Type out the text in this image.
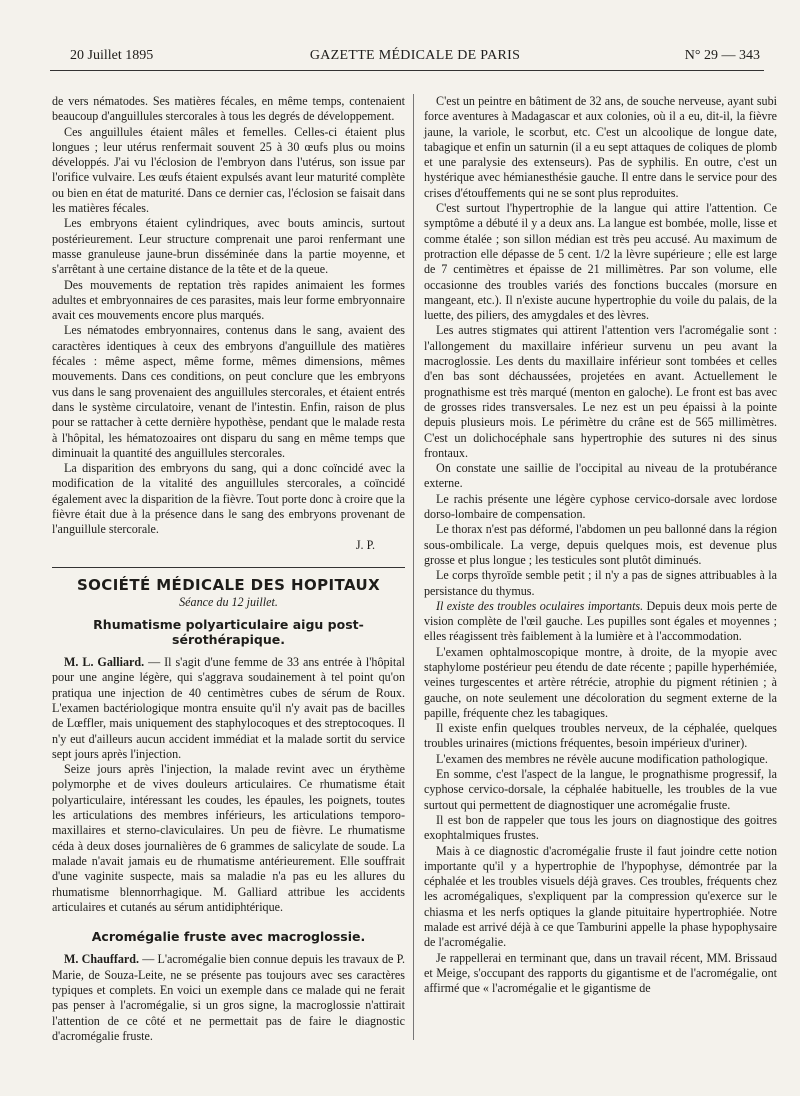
20 Juillet 1895	GAZETTE MÉDICALE DE PARIS	N° 29 — 343

de vers nématodes. Ses matières fécales, en même temps, contenaient beaucoup d'anguillules stercorales à tous les degrés de développement.

Ces anguillules étaient mâles et femelles. Celles-ci étaient plus longues ; leur utérus renfermait souvent 25 à 30 œufs plus ou moins développés. J'ai vu l'éclosion de l'embryon dans l'utérus, son issue par l'orifice vulvaire. Les œufs étaient expulsés avant leur maturité complète ou bien en état de maturité. Dans ce dernier cas, l'éclosion se faisait dans les matières fécales.

Les embryons étaient cylindriques, avec bouts amincis, surtout postérieurement. Leur structure comprenait une paroi renfermant une masse granuleuse jaune-brun disséminée dans la partie moyenne, et s'arrêtant à une certaine distance de la tête et de la queue.

Des mouvements de reptation très rapides animaient les formes adultes et embryonnaires de ces parasites, mais leur forme embryonnaire avait ces mouvements encore plus marqués.

Les nématodes embryonnaires, contenus dans le sang, avaient des caractères identiques à ceux des embryons d'anguillule des matières fécales : même aspect, même forme, mêmes dimensions, mêmes mouvements. Dans ces conditions, on peut conclure que les embryons vus dans le sang provenaient des anguillules stercorales, et étaient entrés dans le système circulatoire, venant de l'intestin. Enfin, raison de plus pour se rattacher à cette dernière hypothèse, pendant que le malade resta à l'hôpital, les hématozoaires ont disparu du sang en même temps que diminuait la quantité des anguillules stercorales.

La disparition des embryons du sang, qui a donc coïncidé avec la modification de la vitalité des anguillules stercorales, a coïncidé également avec la disparition de la fièvre. Tout porte donc à croire que la fièvre était due à la présence dans le sang des embryons provenant de l'anguillule stercorale.

J. P.

SOCIÉTÉ MÉDICALE DES HOPITAUX
Séance du 12 juillet.
Rhumatisme polyarticulaire aigu post-sérothérapique.

M. L. Galliard. — Il s'agit d'une femme de 33 ans entrée à l'hôpital pour une angine légère, qui s'aggrava soudainement à tel point qu'on pratiqua une injection de 40 centimètres cubes de sérum de Roux. L'examen bactériologique montra ensuite qu'il n'y avait pas de bacilles de Lœffler, mais uniquement des staphylocoques et des streptocoques. Il n'y eut d'ailleurs aucun accident immédiat et la malade sortit du service sept jours après l'injection.

Seize jours après l'injection, la malade revint avec un érythème polymorphe et de vives douleurs articulaires. Ce rhumatisme était polyarticulaire, intéressant les coudes, les épaules, les poignets, toutes les articulations des membres inférieurs, les articulations temporo-maxillaires et sterno-claviculaires. Un peu de fièvre. Le rhumatisme céda à deux doses journalières de 6 grammes de salicylate de soude. La malade n'avait jamais eu de rhumatisme antérieurement. Elle souffrait d'une vaginite suspecte, mais sa maladie n'a pas eu les allures du rhumatisme blennorrhagique. M. Galliard attribue les accidents articulaires et cutanés au sérum antidiphtérique.

Acromégalie fruste avec macroglossie.

M. Chauffard. — L'acromégalie bien connue depuis les travaux de P. Marie, de Souza-Leite, ne se présente pas toujours avec ses caractères typiques et complets. En voici un exemple dans ce malade qui ne ferait pas penser à l'acromégalie, si un gros signe, la macroglossie n'attirait l'attention de ce côté et ne permettait pas de faire le diagnostic d'acromégalie fruste.

C'est un peintre en bâtiment de 32 ans, de souche nerveuse, ayant subi force aventures à Madagascar et aux colonies, où il a eu, dit-il, la fièvre jaune, la variole, le scorbut, etc. C'est un alcoolique de longue date, tabagique et enfin un saturnin (il a eu sept attaques de coliques de plomb et une paralysie des extenseurs). Pas de syphilis. En outre, c'est un hystérique avec hémianesthésie gauche. Il entre dans le service pour des crises d'étouffements qui ne se sont plus reproduites.

C'est surtout l'hypertrophie de la langue qui attire l'attention. Ce symptôme a débuté il y a deux ans. La langue est bombée, molle, lisse et comme étalée ; son sillon médian est très peu accusé. Au maximum de protraction elle dépasse de 5 cent. 1/2 la lèvre supérieure ; elle est large de 7 centimètres et épaisse de 21 millimètres. Par son volume, elle occasionne des troubles variés des fonctions buccales (morsure en mangeant, etc.). Il n'existe aucune hypertrophie du voile du palais, de la luette, des piliers, des amygdales et des lèvres.

Les autres stigmates qui attirent l'attention vers l'acromégalie sont : l'allongement du maxillaire inférieur survenu un peu avant la macroglossie. Les dents du maxillaire inférieur sont tombées et celles d'en bas sont déchaussées, projetées en avant. Actuellement le prognathisme est très marqué (menton en galoche). Le front est bas avec de grosses rides transversales. Le nez est un peu épaissi à la pointe depuis plusieurs mois. Le périmètre du crâne est de 565 millimètres. C'est un dolichocéphale sans hypertrophie des sutures ni des sinus frontaux.

On constate une saillie de l'occipital au niveau de la protubérance externe.

Le rachis présente une légère cyphose cervico-dorsale avec lordose dorso-lombaire de compensation.

Le thorax n'est pas déformé, l'abdomen un peu ballonné dans la région sous-ombilicale. La verge, depuis quelques mois, est devenue plus grosse et plus longue ; les testicules sont plutôt diminués.

Le corps thyroïde semble petit ; il n'y a pas de signes attribuables à la persistance du thymus.

Il existe des troubles oculaires importants. Depuis deux mois perte de vision complète de l'œil gauche. Les pupilles sont égales et moyennes ; elles réagissent très faiblement à la lumière et à l'accommodation.

L'examen ophtalmoscopique montre, à droite, de la myopie avec staphylome postérieur peu étendu de date récente ; papille hyperhémiée, veines turgescentes et artère rétrécie, atrophie du pigment rétinien ; à gauche, on note seulement une décoloration du segment externe de la papille, fréquente chez les tabagiques.

Il existe enfin quelques troubles nerveux, de la céphalée, quelques troubles urinaires (mictions fréquentes, besoin impérieux d'uriner).

L'examen des membres ne révèle aucune modification pathologique.

En somme, c'est l'aspect de la langue, le prognathisme progressif, la cyphose cervico-dorsale, la céphalée habituelle, les troubles de la vue surtout qui permettent de diagnostiquer une acromégalie fruste.

Il est bon de rappeler que tous les jours on diagnostique des goitres exophtalmiques frustes.

Mais à ce diagnostic d'acromégalie fruste il faut joindre cette notion importante qu'il y a hypertrophie de l'hypophyse, démontrée par la céphalée et les troubles visuels déjà graves. Ces troubles, fréquents chez les acromégaliques, s'expliquent par la compression qu'exerce sur le chiasma et les nerfs optiques la glande pituitaire hypertrophiée. Notre malade est arrivé déjà à ce que Tamburini appelle la phase hypophysaire de l'acromégalie.

Je rappellerai en terminant que, dans un travail récent, MM. Brissaud et Meige, s'occupant des rapports du gigantisme et de l'acromégalie, ont affirmé que « l'acromégalie et le gigantisme de
